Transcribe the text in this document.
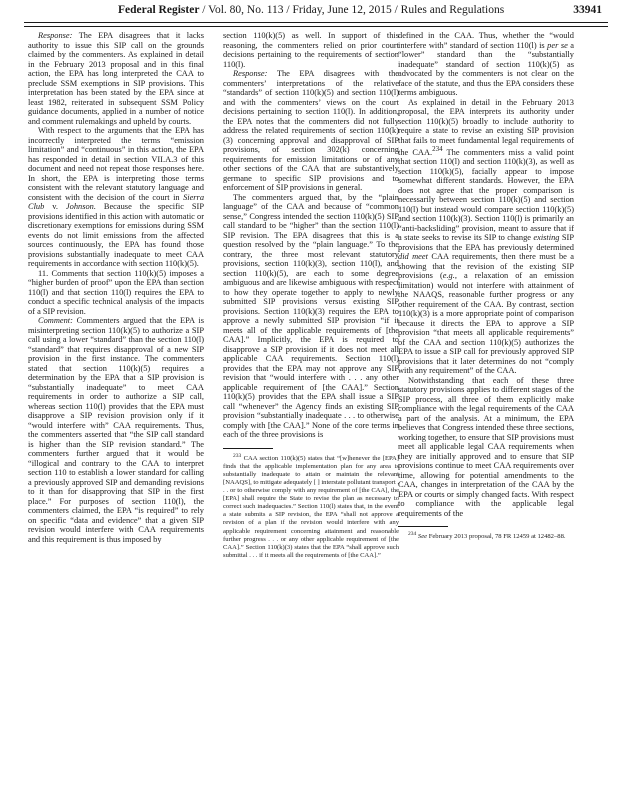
Federal Register / Vol. 80, No. 113 / Friday, June 12, 2015 / Rules and Regulations	33941

Response: The EPA disagrees that it lacks authority to issue this SIP call on the grounds claimed by the commenters. As explained in detail in the February 2013 proposal and in this final action, the EPA has long interpreted the CAA to preclude SSM exemptions in SIP provisions. This interpretation has been stated by the EPA since at least 1982, reiterated in subsequent SSM Policy guidance documents, applied in a number of notice and comment rulemakings and upheld by courts.

With respect to the arguments that the EPA has incorrectly interpreted the terms “emission limitation” and “continuous” in this action, the EPA has responded in detail in section VII.A.3 of this document and need not repeat those responses here. In short, the EPA is interpreting those terms consistent with the relevant statutory language and consistent with the decision of the court in Sierra Club v. Johnson. Because the specific SIP provisions identified in this action with automatic or discretionary exemptions for emissions during SSM events do not limit emissions from the affected sources continuously, the EPA has found those provisions substantially inadequate to meet CAA requirements in accordance with section 110(k)(5).

11. Comments that section 110(k)(5) imposes a “higher burden of proof” upon the EPA than section 110(l) and that section 110(l) requires the EPA to conduct a specific technical analysis of the impacts of a SIP revision.

Comment: Commenters argued that the EPA is misinterpreting section 110(k)(5) to authorize a SIP call using a lower “standard” than the section 110(l) “standard” that requires disapproval of a new SIP provision in the first instance. The commenters stated that section 110(k)(5) requires a determination by the EPA that a SIP provision is “substantially inadequate” to meet CAA requirements in order to authorize a SIP call, whereas section 110(l) provides that the EPA must disapprove a SIP revision provision only if it “would interfere with” CAA requirements. Thus, the commenters asserted that “the SIP call standard is higher than the SIP revision standard.” The commenters further argued that it would be “illogical and contrary to the CAA to interpret section 110 to establish a lower standard for calling a previously approved SIP and demanding revisions to it than for disapproving that SIP in the first place.” For purposes of section 110(l), the commenters claimed, the EPA “is required” to rely on specific “data and evidence” that a given SIP revision would interfere with CAA requirements and this requirement is thus imposed by

section 110(k)(5) as well. In support of this reasoning, the commenters relied on prior court decisions pertaining to the requirements of section 110(l).

Response: The EPA disagrees with the commenters’ interpretations of the relative “standards” of section 110(k)(5) and section 110(l) and with the commenters’ views on the court decisions pertaining to section 110(l). In addition, the EPA notes that the commenters did not fully address the related requirements of section 110(k)(3) concerning approval and disapproval of SIP provisions, of section 302(k) concerning requirements for emission limitations or of any other sections of the CAA that are substantively germane to specific SIP provisions and to enforcement of SIP provisions in general.

The commenters argued that, by the “plain language” of the CAA and because of “common sense,” Congress intended the section 110(k)(5) SIP call standard to be “higher” than the section 110(l) SIP revision. The EPA disagrees that this is a question resolved by the “plain language.” To the contrary, the three most relevant statutory provisions, section 110(k)(3), section 110(l), and section 110(k)(5), are each to some degree ambiguous and are likewise ambiguous with respect to how they operate together to apply to newly submitted SIP provisions versus existing SIP provisions. Section 110(k)(3) requires the EPA to approve a newly submitted SIP provision “if it meets all of the applicable requirements of [the CAA].” Implicitly, the EPA is required to disapprove a SIP provision if it does not meet all applicable CAA requirements. Section 110(l) provides that the EPA may not approve any SIP revision that “would interfere with . . . any other applicable requirement of [the CAA].” Section 110(k)(5) provides that the EPA shall issue a SIP call “whenever” the Agency finds an existing SIP provision “substantially inadequate . . . to otherwise comply with [the CAA].” None of the core terms in each of the three provisions is

$^{233}$ CAA section 110(k)(5) states that “[w]henever the [EPA] finds that the applicable implementation plan for any area is substantially inadequate to attain or maintain the relevant [NAAQS], to mitigate adequately [ ] interstate pollutant transport . . . or to otherwise comply with any requirement of [the CAA], the [EPA] shall require the State to revise the plan as necessary to correct such inadequacies.” Section 110(l) states that, in the event a state submits a SIP revision, the EPA “shall not approve a revision of a plan if the revision would interfere with any applicable requirement concerning attainment and reasonable further progress . . . or any other applicable requirement of [the CAA].” Section 110(k)(3) states that the EPA “shall approve such submittal . . . if it meets all the requirements of [the CAA].”

defined in the CAA. Thus, whether the “would interfere with” standard of section 110(l) is per se a “lower” standard than the “substantially inadequate” standard of section 110(k)(5) as advocated by the commenters is not clear on the face of the statute, and thus the EPA considers these terms ambiguous.

As explained in detail in the February 2013 proposal, the EPA interprets its authority under section 110(k)(5) broadly to include authority to require a state to revise an existing SIP provision that fails to meet fundamental legal requirements of the CAA.$^{234}$ The commenters miss a valid point that section 110(l) and section 110(k)(3), as well as section 110(k)(5), facially appear to impose somewhat different standards. However, the EPA does not agree that the proper comparison is necessarily between section 110(k)(5) and section 110(l) but instead would compare section 110(k)(5) and section 110(k)(3). Section 110(l) is primarily an “anti-backsliding” provision, meant to assure that if a state seeks to revise its SIP to change existing SIP provisions that the EPA has previously determined did meet CAA requirements, then there must be a showing that the revision of the existing SIP provisions (e.g., a relaxation of an emission limitation) would not interfere with attainment of the NAAQS, reasonable further progress or any other requirement of the CAA. By contrast, section 110(k)(3) is a more appropriate point of comparison because it directs the EPA to approve a SIP provision “that meets all applicable requirements” of the CAA and section 110(k)(5) authorizes the EPA to issue a SIP call for previously approved SIP provisions that it later determines do not “comply with any requirement” of the CAA.

Notwithstanding that each of these three statutory provisions applies to different stages of the SIP process, all three of them explicitly make compliance with the legal requirements of the CAA a part of the analysis. At a minimum, the EPA believes that Congress intended these three sections, working together, to ensure that SIP provisions must meet all applicable legal CAA requirements when they are initially approved and to ensure that SIP provisions continue to meet CAA requirements over time, allowing for potential amendments to the CAA, changes in interpretation of the CAA by the EPA or courts or simply changed facts. With respect to compliance with the applicable legal requirements of the

$^{234}$ See February 2013 proposal, 78 FR 12459 at 12482–88.
